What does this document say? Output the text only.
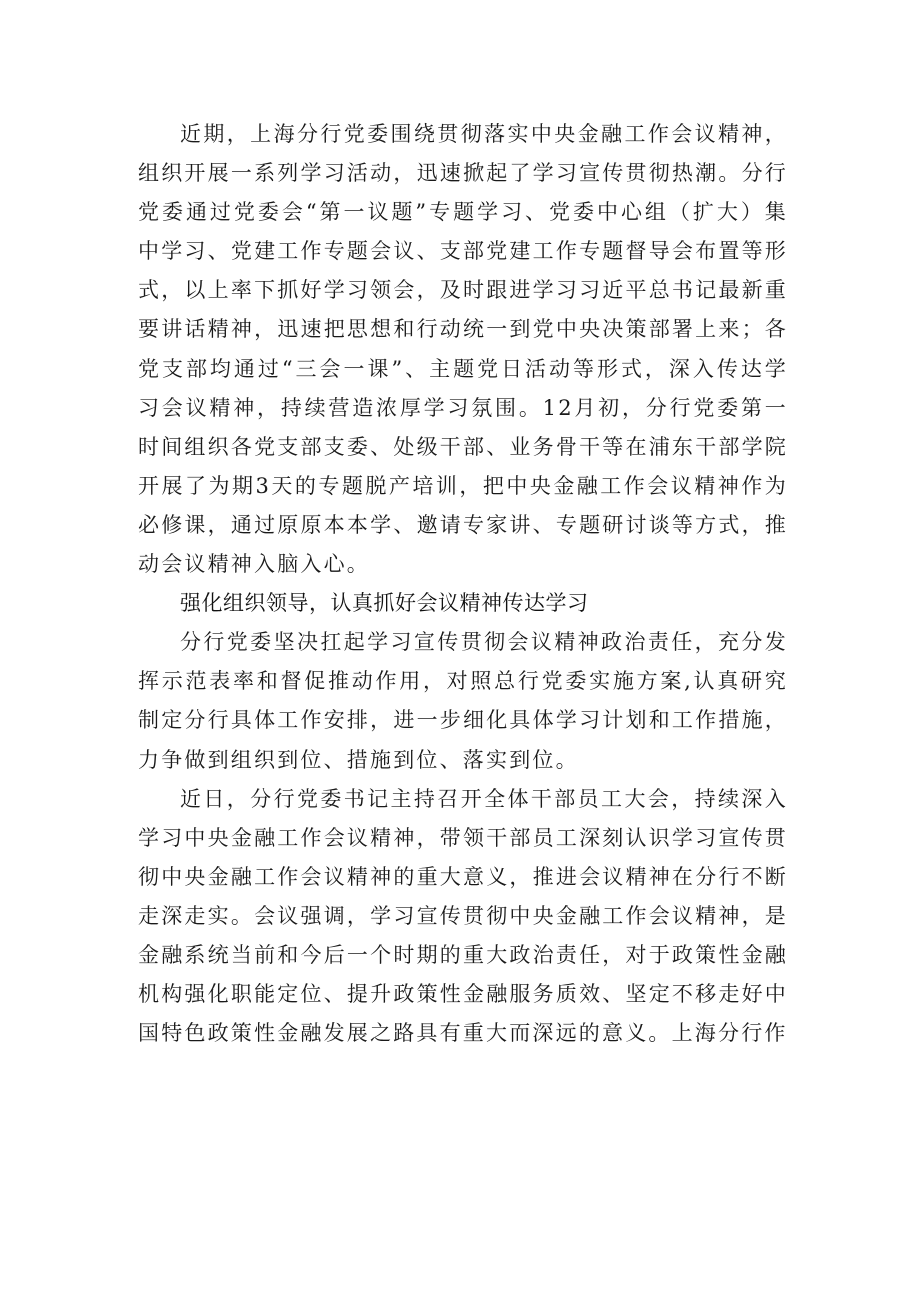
近期，上海分行党委围绕贯彻落实中央金融工作会议精神，组织开展一系列学习活动，迅速掀起了学习宣传贯彻热潮。分行党委通过党委会“第一议题”专题学习、党委中心组（扩大）集中学习、党建工作专题会议、支部党建工作专题督导会布置等形式，以上率下抓好学习领会，及时跟进学习习近平总书记最新重要讲话精神，迅速把思想和行动统一到党中央决策部署上来；各党支部均通过“三会一课”、主题党日活动等形式，深入传达学习会议精神，持续营造浓厚学习氛围。12月初，分行党委第一时间组织各党支部支委、处级干部、业务骨干等在浦东干部学院开展了为期3天的专题脱产培训，把中央金融工作会议精神作为必修课，通过原原本本学、邀请专家讲、专题研讨谈等方式，推动会议精神入脑入心。

强化组织领导，认真抓好会议精神传达学习

分行党委坚决扛起学习宣传贯彻会议精神政治责任，充分发挥示范表率和督促推动作用，对照总行党委实施方案,认真研究制定分行具体工作安排，进一步细化具体学习计划和工作措施，力争做到组织到位、措施到位、落实到位。

近日，分行党委书记主持召开全体干部员工大会，持续深入学习中央金融工作会议精神，带领干部员工深刻认识学习宣传贯彻中央金融工作会议精神的重大意义，推进会议精神在分行不断走深走实。会议强调，学习宣传贯彻中央金融工作会议精神，是金融系统当前和今后一个时期的重大政治责任，对于政策性金融机构强化职能定位、提升政策性金融服务质效、坚定不移走好中国特色政策性金融发展之路具有重大而深远的意义。上海分行作
